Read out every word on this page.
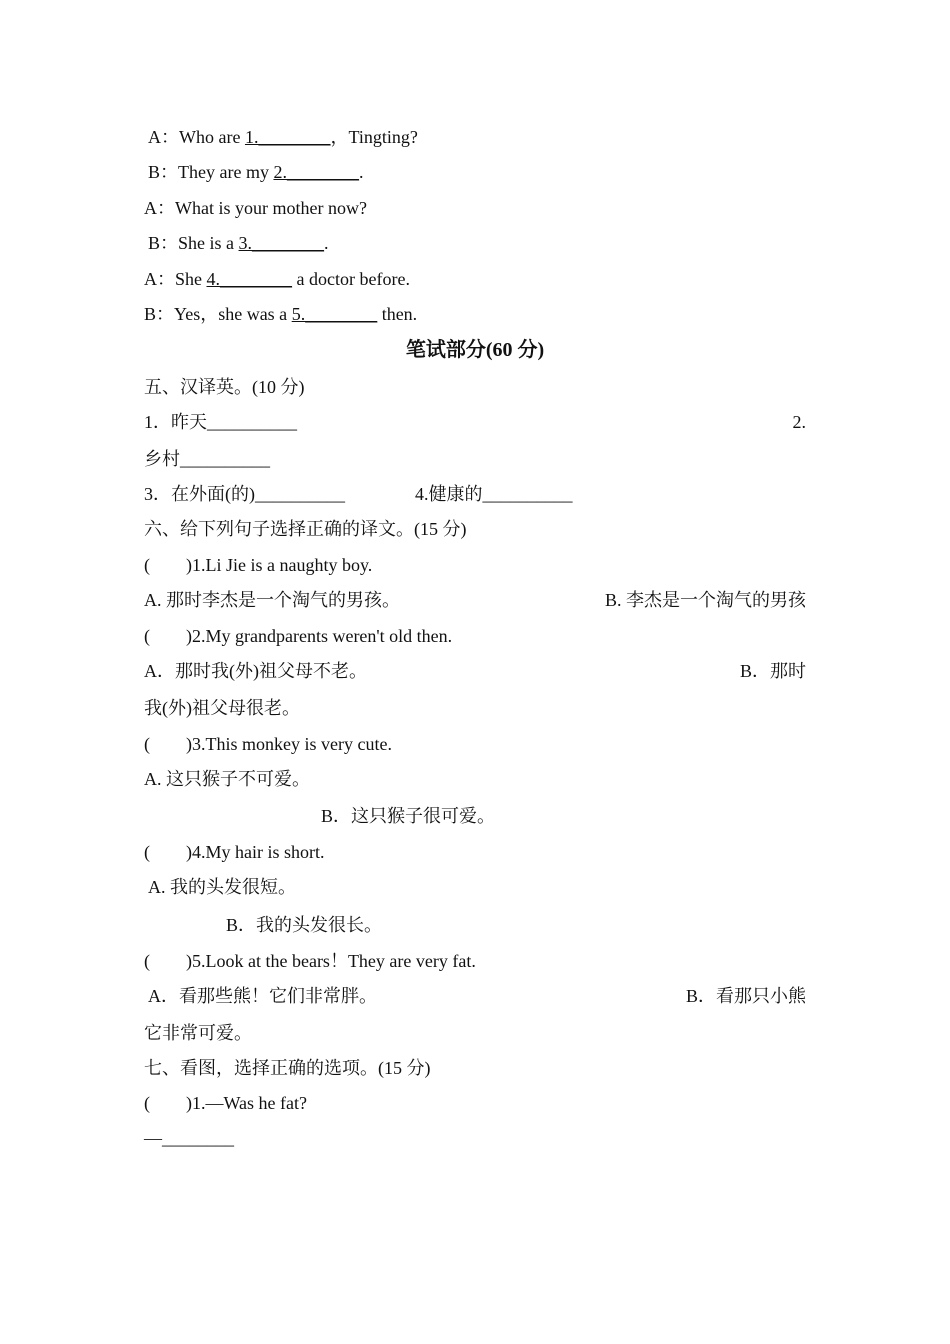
A：Who are 1.________，Tingting?
B：They are my 2.________.
A：What is your mother now?
B：She is a 3.________.
A：She 4.________ a doctor before.
B：Yes，she was a 5.________ then.
笔试部分(60 分)
五、汉译英。(10 分)
1．昨天__________	2.
乡村__________
3．在外面(的)__________	4.健康的__________
六、给下列句子选择正确的译文。(15 分)
(　　)1.Li Jie is a naughty boy.
A. 那时李杰是一个淘气的男孩。	B. 李杰是一个淘气的男孩
(　　)2.My grandparents weren't old then.
A．那时我(外)祖父母不老。	B．那时
我(外)祖父母很老。
(　　)3.This monkey is very cute.
A. 这只猴子不可爱。
B．这只猴子很可爱。
(　　)4.My hair is short.
A. 我的头发很短。
B．我的头发很长。
(　　)5.Look at the bears！They are very fat.
A．看那些熊！它们非常胖。	B．看那只小熊
它非常可爱。
七、看图，选择正确的选项。(15 分)
(　　)1.—Was he fat?
—________
